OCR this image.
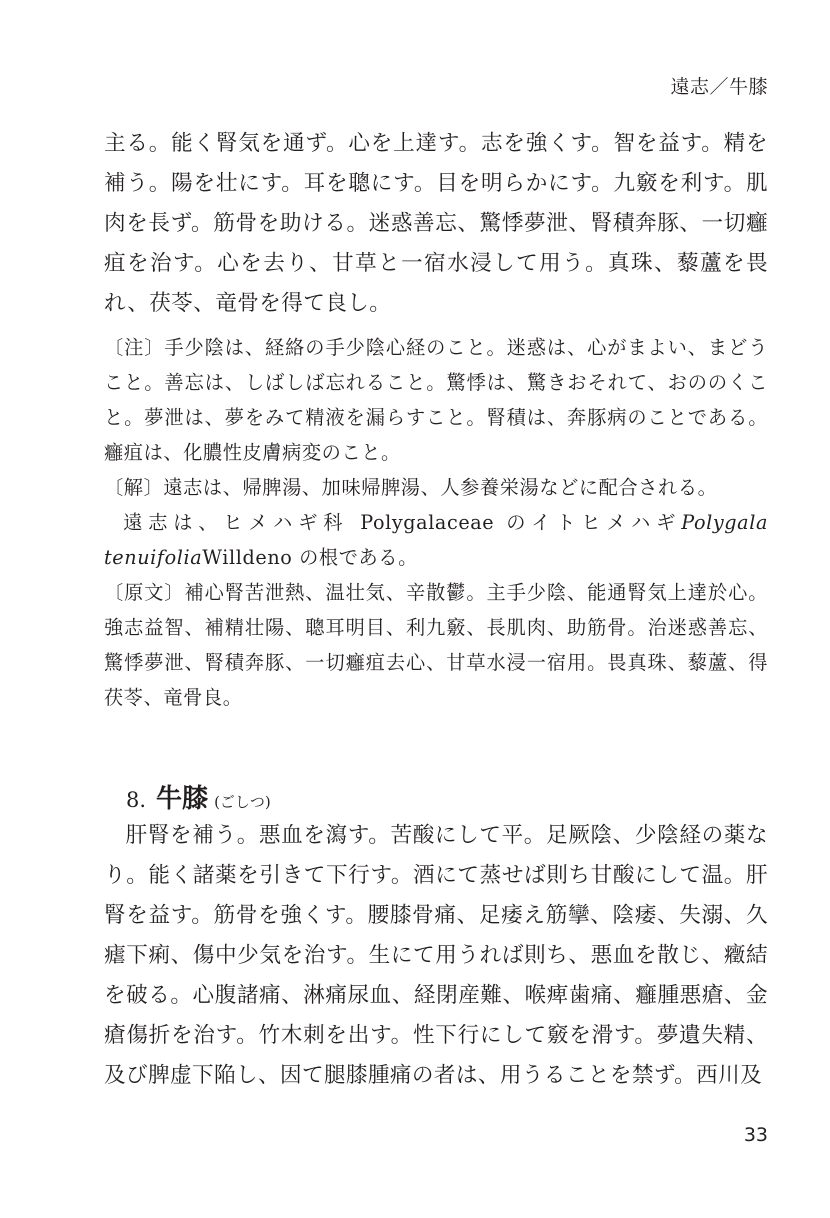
遠志／牛膝

主る。能く腎気を通ず。心を上達す。志を強くす。智を益す。精を補う。陽を壮にす。耳を聰にす。目を明らかにす。九竅を利す。肌肉を長ず。筋骨を助ける。迷惑善忘、驚悸夢泄、腎積奔豚、一切癰疽を治す。心を去り、甘草と一宿水浸して用う。真珠、藜蘆を畏れ、茯苓、竜骨を得て良し。

〔注〕手少陰は、経絡の手少陰心経のこと。迷惑は、心がまよい、まどうこと。善忘は、しばしば忘れること。驚悸は、驚きおそれて、おののくこと。夢泄は、夢をみて精液を漏らすこと。腎積は、奔豚病のことである。癰疽は、化膿性皮膚病変のこと。

〔解〕遠志は、帰脾湯、加味帰脾湯、人参養栄湯などに配合される。

遠志は、ヒメハギ科 Polygalaceae のイトヒメハギPolygala tenuifoliaWilldeno の根である。

〔原文〕補心腎苦泄熱、温壮気、辛散鬱。主手少陰、能通腎気上達於心。強志益智、補精壮陽、聰耳明目、利九竅、長肌肉、助筋骨。治迷惑善忘、驚悸夢泄、腎積奔豚、一切癰疽去心、甘草水浸一宿用。畏真珠、藜蘆、得茯苓、竜骨良。

8. 牛膝 (ごしつ)

肝腎を補う。悪血を瀉す。苦酸にして平。足厥陰、少陰経の薬なり。能く諸薬を引きて下行す。酒にて蒸せば則ち甘酸にして温。肝腎を益す。筋骨を強くす。腰膝骨痛、足痿え筋攣、陰痿、失溺、久瘧下痢、傷中少気を治す。生にて用うれば則ち、悪血を散じ、癥結を破る。心腹諸痛、淋痛尿血、経閉産難、喉痺歯痛、癰腫悪瘡、金瘡傷折を治す。竹木刺を出す。性下行にして竅を滑す。夢遺失精、及び脾虚下陥し、因て腿膝腫痛の者は、用うることを禁ず。西川及

33
